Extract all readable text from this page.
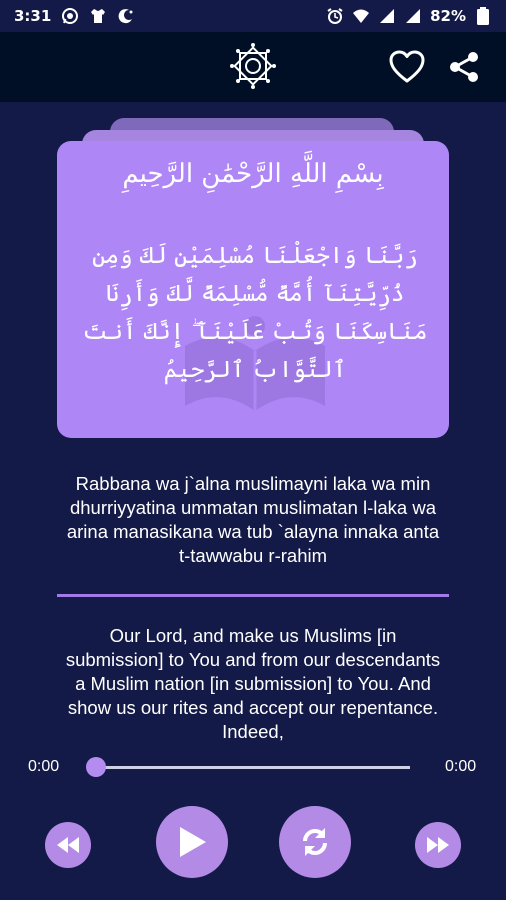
3:31	82%
بِسْمِ اللَّهِ الرَّحْمَٰنِ الرَّحِيمِ
رَبَّنَا وَاجْعَلْنَا مُسْلِمَيْنِ لَكَ وَمِن ذُرِّيَّتِنَآ أُمَّةً مُّسْلِمَةً لَّكَ وَأَرِنَا مَنَاسِكَنَا وَتُبْ عَلَيْنَآ ۖ إِنَّكَ أَنتَ ٱلتَّوَّابُ ٱلرَّحِيمُ
Rabbana wa j`alna muslimayni laka wa min dhurriyyatina ummatan muslimatan l-laka wa arina manasikana wa tub `alayna innaka anta t-tawwabu r-rahim
Our Lord, and make us Muslims [in submission] to You and from our descendants a Muslim nation [in submission] to You. And show us our rites and accept our repentance. Indeed,
0:00	0:00
